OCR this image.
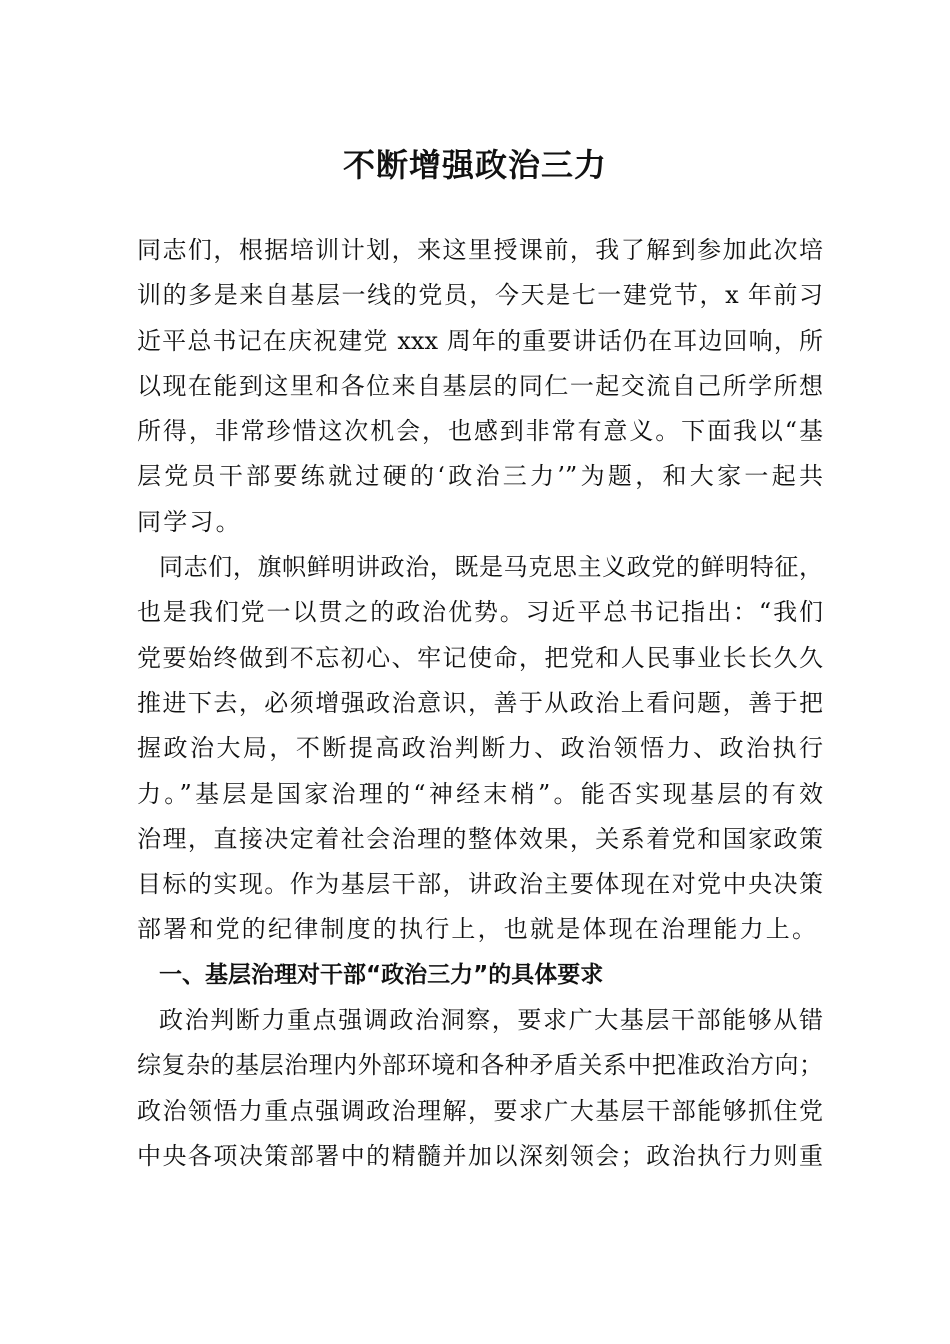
不断增强政治三力
同志们，根据培训计划，来这里授课前，我了解到参加此次培
训的多是来自基层一线的党员，今天是七一建党节，x 年前习
近平总书记在庆祝建党 xxx 周年的重要讲话仍在耳边回响，所
以现在能到这里和各位来自基层的同仁一起交流自己所学所想
所得，非常珍惜这次机会，也感到非常有意义。下面我以“基
层党员干部要练就过硬的‘政治三力’”为题，和大家一起共
同学习。
同志们，旗帜鲜明讲政治，既是马克思主义政党的鲜明特征，
也是我们党一以贯之的政治优势。习近平总书记指出：“我们
党要始终做到不忘初心、牢记使命，把党和人民事业长长久久
推进下去，必须增强政治意识，善于从政治上看问题，善于把
握政治大局，不断提高政治判断力、政治领悟力、政治执行
力。”基层是国家治理的“神经末梢”。能否实现基层的有效
治理，直接决定着社会治理的整体效果，关系着党和国家政策
目标的实现。作为基层干部，讲政治主要体现在对党中央决策
部署和党的纪律制度的执行上，也就是体现在治理能力上。
一、基层治理对干部“政治三力”的具体要求
政治判断力重点强调政治洞察，要求广大基层干部能够从错
综复杂的基层治理内外部环境和各种矛盾关系中把准政治方向；
政治领悟力重点强调政治理解，要求广大基层干部能够抓住党
中央各项决策部署中的精髓并加以深刻领会；政治执行力则重
